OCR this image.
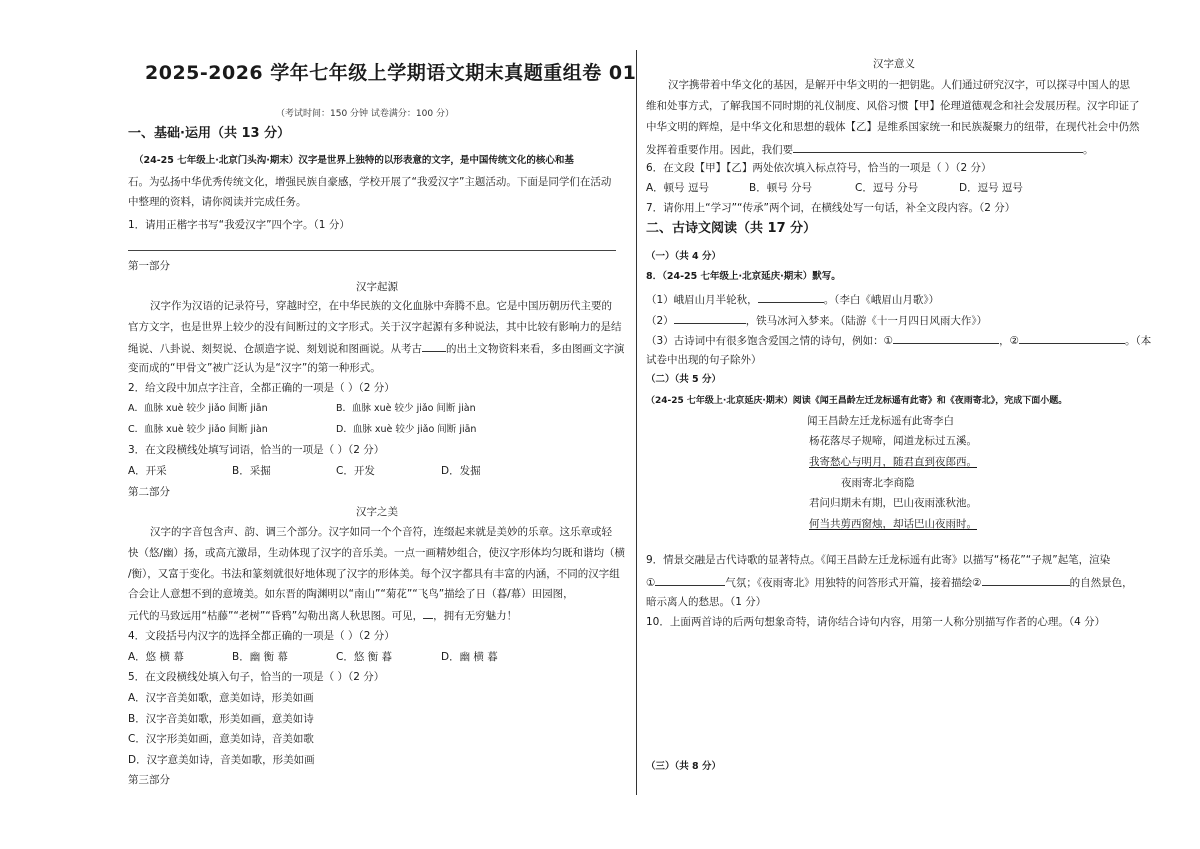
2025-2026 学年七年级上学期语文期末真题重组卷 01
（考试时间：150 分钟 试卷满分：100 分）
一、基础·运用（共 13 分）
（24-25 七年级上·北京门头沟·期末）汉字是世界上独特的以形表意的文字，是中国传统文化的核心和基
石。为弘扬中华优秀传统文化，增强民族自豪感，学校开展了“我爱汉字”主题活动。下面是同学们在活动
中整理的资料，请你阅读并完成任务。
1．请用正楷字书写“我爱汉字”四个字。（1 分）
第一部分
汉字起源
汉字作为汉语的记录符号，穿越时空，在中华民族的文化血脉中奔腾不息。它是中国历朝历代主要的
官方文字，也是世界上较少的没有间断过的文字形式。关于汉字起源有多种说法，其中比较有影响力的是结
绳说、八卦说、刻契说、仓颉造字说、刻划说和图画说。从考古 的出土文物资料来看，多由图画文字演
变而成的“甲骨文”被广泛认为是“汉字”的第一种形式。
2．给文段中加点字注音，全都正确的一项是（ ）（2 分）
A．血脉 xuè 较少 jiǎo 间断 jiān	B．血脉 xuè 较少 jiǎo 间断 jiàn
C．血脉 xuè 较少 jiǎo 间断 jiàn	D．血脉 xuè 较少 jiǎo 间断 jiān
3．在文段横线处填写词语，恰当的一项是（ ）（2 分）
A．开采	B．采掘	C．开发	D．发掘
第二部分
汉字之美
汉字的字音包含声、韵、调三个部分。汉字如同一个个音符，连缀起来就是美妙的乐章。这乐章或轻
快（悠/幽）扬，或高亢激昂，生动体现了汉字的音乐美。一点一画精妙组合，使汉字形体均匀既和谐均（横
/衡），又富于变化。书法和篆刻就很好地体现了汉字的形体美。每个汉字都具有丰富的内涵，不同的汉字组
合会让人意想不到的意境美。如东晋的陶渊明以“南山”“菊花”“飞鸟”描绘了日（暮/幕）田园图，
元代的马致远用“枯藤”“老树”“昏鸦”勾勒出离人秋思图。可见， ，拥有无穷魅力！
4．文段括号内汉字的选择全都正确的一项是（ ）（2 分）
A．悠 横 幕	B．幽 衡 幕	C．悠 衡 暮	D．幽 横 暮
5．在文段横线处填入句子，恰当的一项是（ ）（2 分）
A．汉字音美如歌，意美如诗，形美如画
B．汉字音美如歌，形美如画，意美如诗
C．汉字形美如画，意美如诗，音美如歌
D．汉字意美如诗，音美如歌，形美如画
第三部分
汉字意义
汉字携带着中华文化的基因，是解开中华文明的一把钥匙。人们通过研究汉字，可以探寻中国人的思
维和处事方式，了解我国不同时期的礼仪制度、风俗习惯【甲】伦理道德观念和社会发展历程。汉字印证了
中华文明的辉煌，是中华文化和思想的载体【乙】是维系国家统一和民族凝聚力的纽带，在现代社会中仍然
发挥着重要作用。因此，我们要	。
6．在文段【甲】【乙】两处依次填入标点符号，恰当的一项是（ ）（2 分）
A．顿号 逗号	B．顿号 分号	C．逗号 分号	D．逗号 逗号
7．请你用上“学习”“传承”两个词，在横线处写一句话，补全文段内容。（2 分）
二、古诗文阅读（共 17 分）
（一）（共 4 分）
8．（24-25 七年级上·北京延庆·期末）默写。
（1）峨眉山月半轮秋，	。（李白《峨眉山月歌》）
（2）	，铁马冰河入梦来。（陆游《十一月四日风雨大作》）
（3）古诗词中有很多饱含爱国之情的诗句，例如：①	，②	。（本
试卷中出现的句子除外）
（二）（共 5 分）
（24-25 七年级上·北京延庆·期末）阅读《闻王昌龄左迁龙标遥有此寄》和《夜雨寄北》，完成下面小题。
闻王昌龄左迁龙标遥有此寄李白
杨花落尽子规啼，闻道龙标过五溪。
我寄愁心与明月，随君直到夜郎西。
夜雨寄北李商隐
君问归期未有期，巴山夜雨涨秋池。
何当共剪西窗烛，却话巴山夜雨时。
9．情景交融是古代诗歌的显著特点。《闻王昌龄左迁龙标遥有此寄》以描写“杨花”“子规”起笔，渲染
①	气氛；《夜雨寄北》用独特的问答形式开篇，接着描绘②	的自然景色，
暗示离人的愁思。（1 分）
10．上面两首诗的后两句想象奇特，请你结合诗句内容，用第一人称分别描写作者的心理。（4 分）
（三）（共 8 分）
